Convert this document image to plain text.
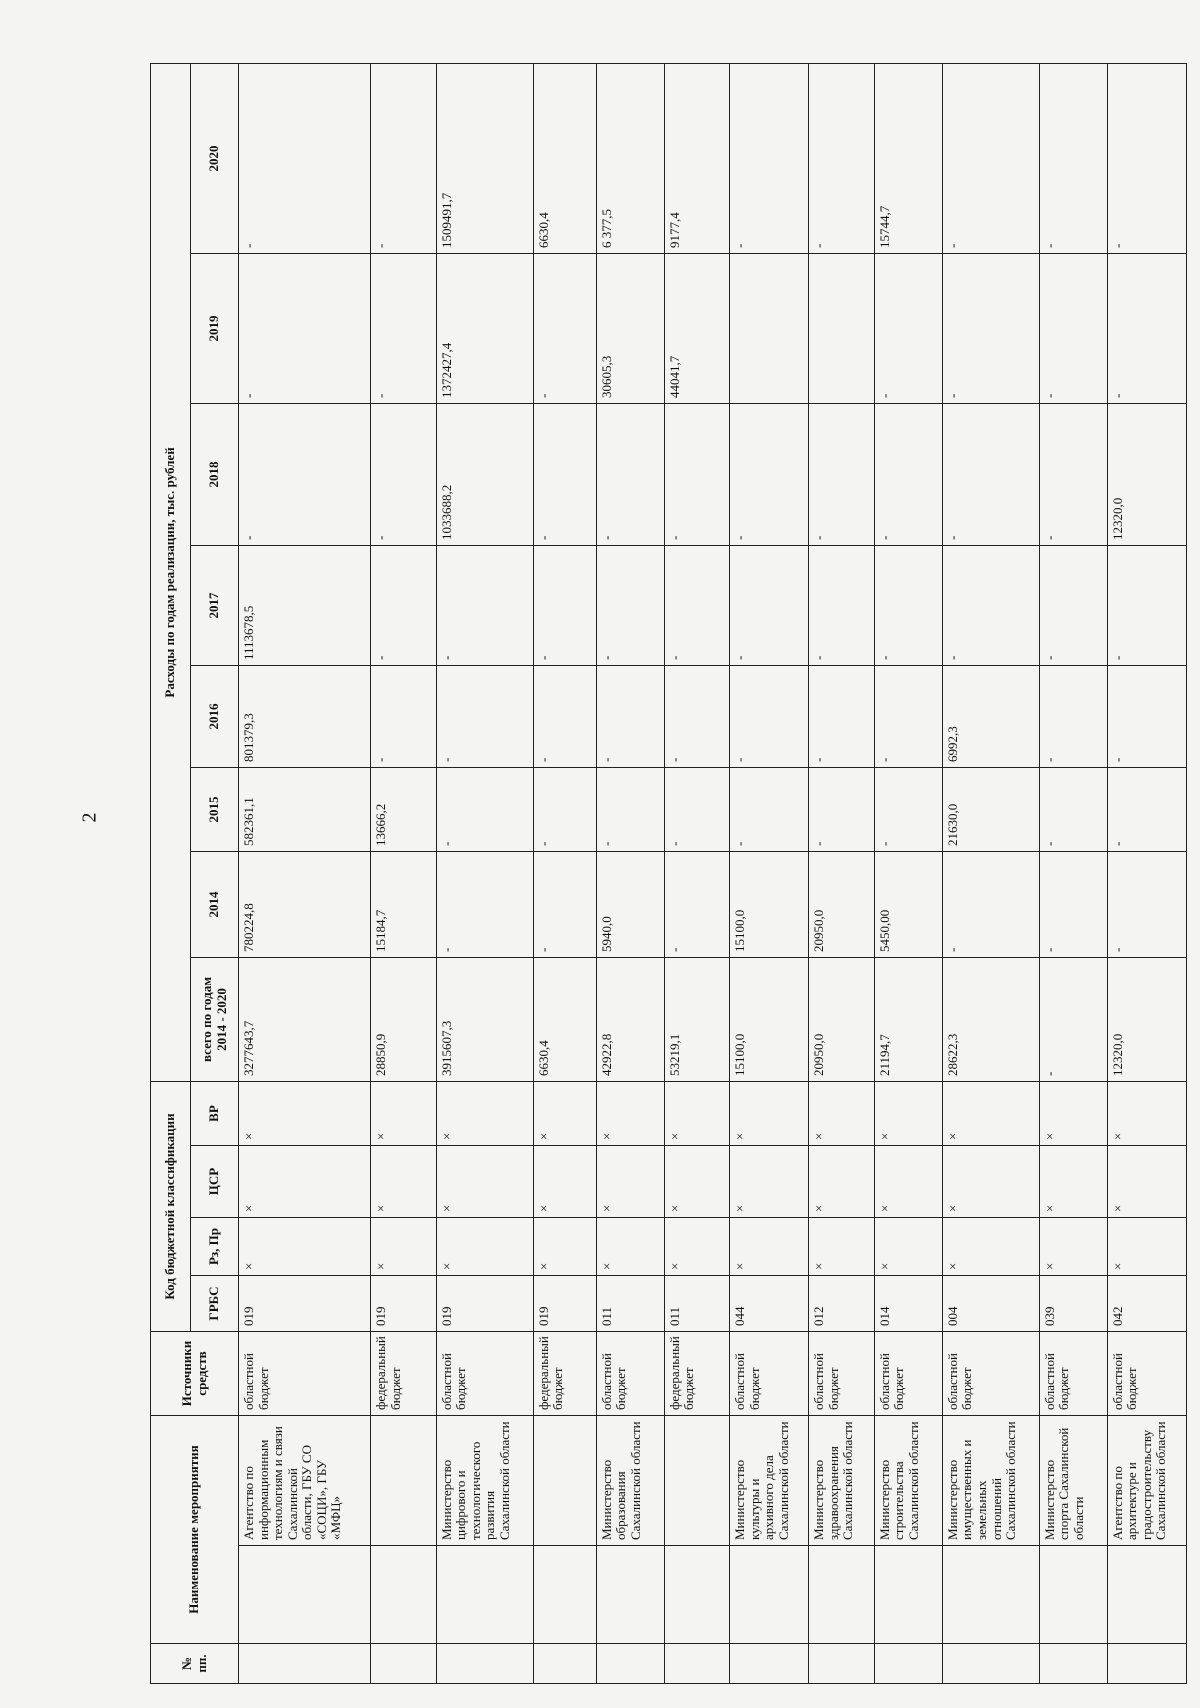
2
№ пп.	Наименование мероприятия		Источники средств	Код бюджетной классификации				Расходы по годам реализации, тыс. рублей							
				ГРБС	Рз, Пр	ЦСР	ВР	всего по годам 2014 - 2020	2014	2015	2016	2017	2018	2019	2020
		Агентство по информационным технологиям и связи Сахалинской области, ГБУ СО «СОЦИ», ГБУ «МФЦ»	областной бюджет	019	×	×	×	3277643,7	780224,8	582361,1	801379,3	1113678,5	-	-	-
			федеральный бюджет	019	×	×	×	28850,9	15184,7	13666,2	-	-	-	-	-
		Министерство цифрового и технологического развития Сахалинской области	областной бюджет	019	×	×	×	3915607,3	-	-	-	-	1033688,2	1372427,4	1509491,7
			федеральный бюджет	019	×	×	×	6630,4	-	-	-	-	-	-	6630,4
		Министерство образования Сахалинской области	областной бюджет	011	×	×	×	42922,8	5940,0	-	-	-	-	30605,3	6 377,5
			федеральный бюджет	011	×	×	×	53219,1	-	-	-	-	-	44041,7	9177,4
		Министерство культуры и архивного дела Сахалинской области	областной бюджет	044	×	×	×	15100,0	15100,0	-	-	-	-		-
		Министерство здравоохранения Сахалинской области	областной бюджет	012	×	×	×	20950,0	20950,0	-	-	-	-		-
		Министерство строительства Сахалинской области	областной бюджет	014	×	×	×	21194,7	5450,00	-	-	-	-	-	15744,7
		Министерство имущественных и земельных отношений Сахалинской области	областной бюджет	004	×	×	×	28622,3	-	21630,0	6992,3	-	-	-	-
		Министерство спорта Сахалинской области	областной бюджет	039	×	×	×	-	-	-	-	-	-	-	-
		Агентство по архитектуре и градостроительству Сахалинской области	областной бюджет	042	×	×	×	12320,0	-	-	-	-	12320,0	-	-
